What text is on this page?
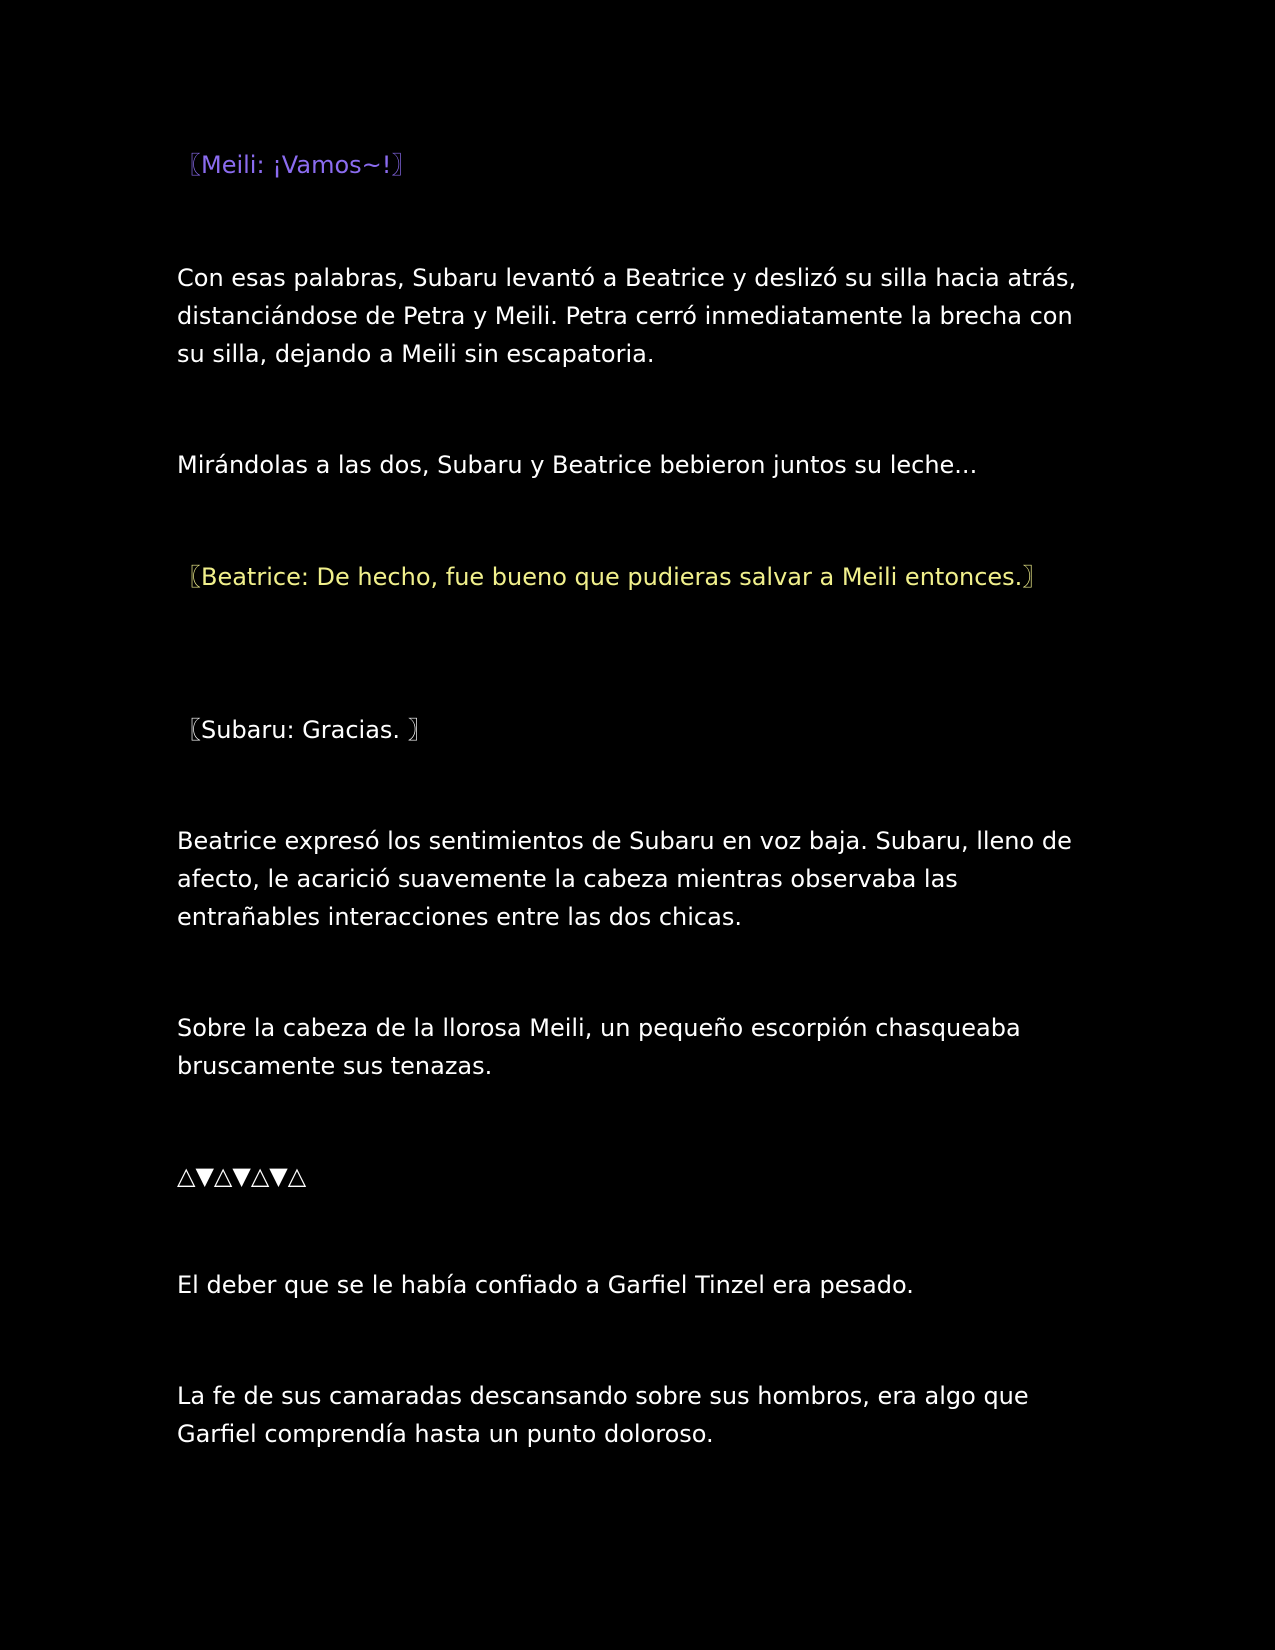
〖Meili: ¡Vamos~!〗

Con esas palabras, Subaru levantó a Beatrice y deslizó su silla hacia atrás, distanciándose de Petra y Meili. Petra cerró inmediatamente la brecha con su silla, dejando a Meili sin escapatoria.

Mirándolas a las dos, Subaru y Beatrice bebieron juntos su leche...

〖Beatrice: De hecho, fue bueno que pudieras salvar a Meili entonces.〗

〖Subaru: Gracias. 〗

Beatrice expresó los sentimientos de Subaru en voz baja. Subaru, lleno de afecto, le acarició suavemente la cabeza mientras observaba las entrañables interacciones entre las dos chicas.

Sobre la cabeza de la llorosa Meili, un pequeño escorpión chasqueaba bruscamente sus tenazas.

△▼△▼△▼△

El deber que se le había confiado a Garfiel Tinzel era pesado.

La fe de sus camaradas descansando sobre sus hombros, era algo que Garfiel comprendía hasta un punto doloroso.
